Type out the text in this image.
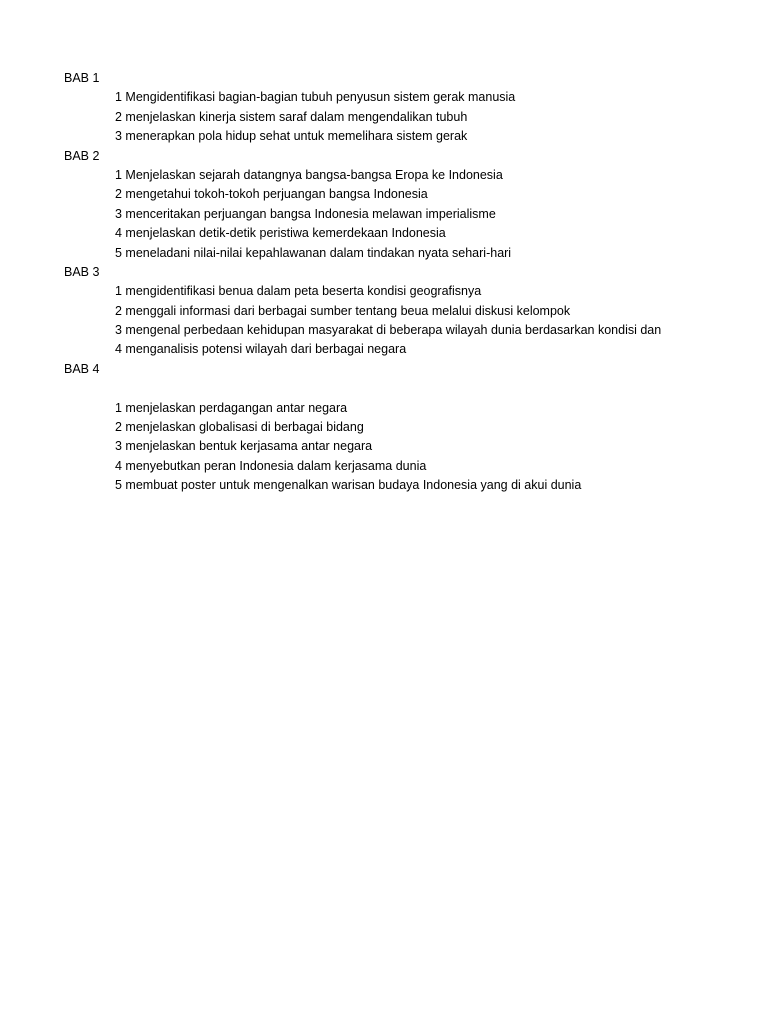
BAB 1
1 Mengidentifikasi bagian-bagian tubuh penyusun sistem gerak manusia
2 menjelaskan kinerja sistem saraf dalam mengendalikan tubuh
3 menerapkan pola hidup sehat untuk memelihara sistem gerak
BAB 2
1 Menjelaskan sejarah datangnya bangsa-bangsa Eropa ke Indonesia
2 mengetahui tokoh-tokoh perjuangan bangsa Indonesia
3 menceritakan perjuangan bangsa Indonesia melawan imperialisme
4 menjelaskan detik-detik peristiwa kemerdekaan Indonesia
5 meneladani nilai-nilai kepahlawanan dalam tindakan nyata sehari-hari
BAB 3
1 mengidentifikasi benua dalam peta beserta kondisi geografisnya
2 menggali informasi dari berbagai sumber tentang beua melalui diskusi kelompok
3 mengenal perbedaan kehidupan masyarakat di beberapa wilayah dunia berdasarkan kondisi dan
4 menganalisis potensi wilayah dari berbagai negara
BAB 4
1 menjelaskan perdagangan antar negara
2 menjelaskan globalisasi di berbagai bidang
3 menjelaskan bentuk kerjasama antar negara
4 menyebutkan peran Indonesia dalam kerjasama dunia
5 membuat poster untuk mengenalkan warisan budaya Indonesia yang di akui dunia
